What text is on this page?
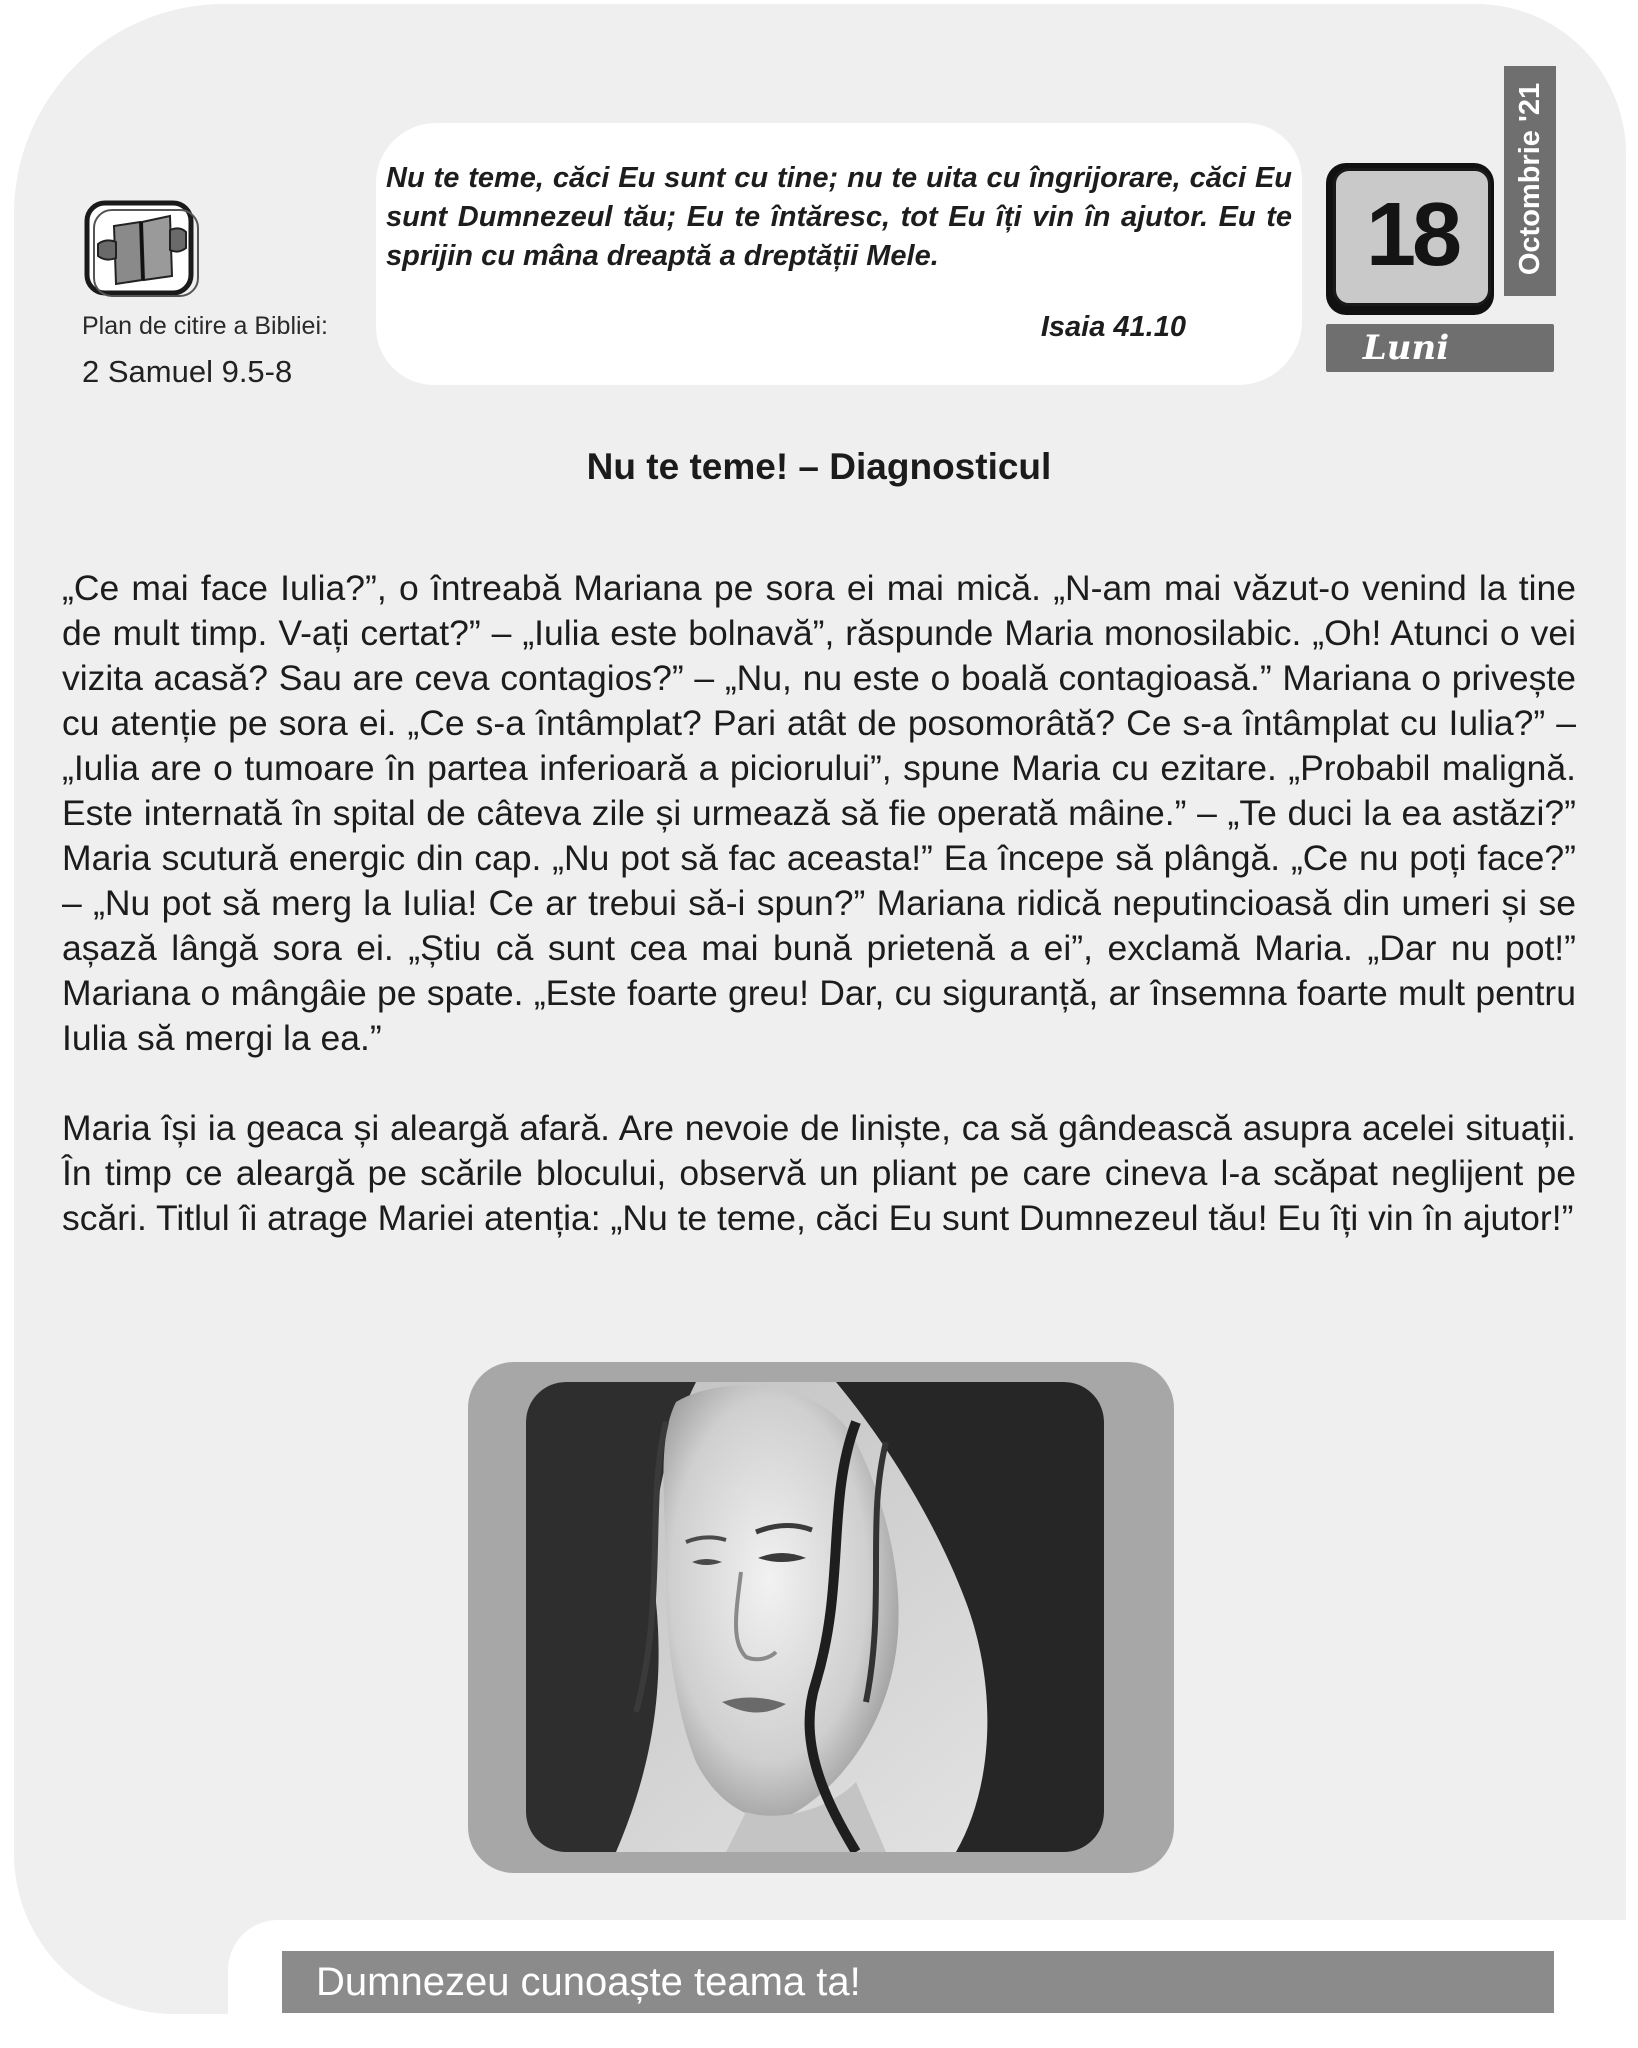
Plan de citire a Bibliei:
2 Samuel 9.5-8

Nu te teme, căci Eu sunt cu tine; nu te uita cu îngrijorare, căci Eu sunt Dumnezeul tău; Eu te întăresc, tot Eu îți vin în ajutor. Eu te sprijin cu mâna dreaptă a dreptății Mele.

Isaia 41.10
Octombrie '21
18
Luni
Nu te teme! – Diagnosticul

„Ce mai face Iulia?”, o întreabă Mariana pe sora ei mai mică. „N-am mai văzut-o venind la tine de mult timp. V-ați certat?” – „Iulia este bolnavă”, răspunde Maria monosilabic. „Oh! Atunci o vei vizita acasă? Sau are ceva contagios?” – „Nu, nu este o boală contagioasă.” Mariana o privește cu atenție pe sora ei. „Ce s-a întâmplat? Pari atât de posomorâtă? Ce s-a întâmplat cu Iulia?” – „Iulia are o tumoare în partea inferioară a piciorului”, spune Maria cu ezitare. „Probabil malignă. Este internată în spital de câteva zile și urmează să fie operată mâine.” – „Te duci la ea astăzi?” Maria scutură energic din cap. „Nu pot să fac aceasta!” Ea începe să plângă. „Ce nu poți face?” – „Nu pot să merg la Iulia! Ce ar trebui să-i spun?” Mariana ridică neputincioasă din umeri și se așază lângă sora ei. „Știu că sunt cea mai bună prietenă a ei”, exclamă Maria. „Dar nu pot!” Mariana o mângâie pe spate. „Este foarte greu! Dar, cu siguranță, ar însemna foarte mult pentru Iulia să mergi la ea.”

Maria își ia geaca și aleargă afară. Are nevoie de liniște, ca să gândească asupra acelei situații. În timp ce aleargă pe scările blocului, observă un pliant pe care cineva l-a scăpat neglijent pe scări. Titlul îi atrage Mariei atenția: „Nu te teme, căci Eu sunt Dumnezeul tău! Eu îți vin în ajutor!”

Dumnezeu cunoaște teama ta!
